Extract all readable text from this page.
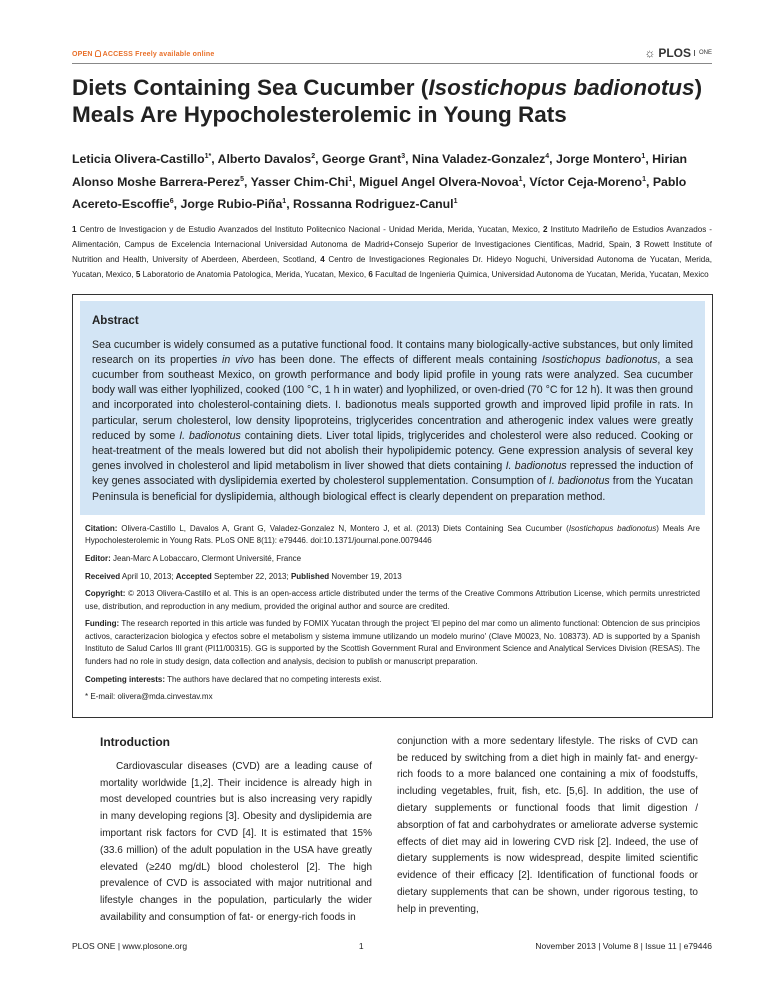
OPEN ACCESS Freely available online	☼ PLOS	ONE
Diets Containing Sea Cucumber (Isostichopus badionotus) Meals Are Hypocholesterolemic in Young Rats
Leticia Olivera-Castillo$^{1*}$, Alberto Davalos$^2$, George Grant$^3$, Nina Valadez-Gonzalez$^4$, Jorge Montero$^1$, Hirian Alonso Moshe Barrera-Perez$^5$, Yasser Chim-Chi$^1$, Miguel Angel Olvera-Novoa$^1$, Víctor Ceja-Moreno$^1$, Pablo Acereto-Escoffie$^6$, Jorge Rubio-Piña$^1$, Rossanna Rodriguez-Canul$^1$
1 Centro de Investigacion y de Estudio Avanzados del Instituto Politecnico Nacional - Unidad Merida, Merida, Yucatan, Mexico, 2 Instituto Madrileño de Estudios Avanzados - Alimentación, Campus de Excelencia Internacional Universidad Autonoma de Madrid+Consejo Superior de Investigaciones Cientificas, Madrid, Spain, 3 Rowett Institute of Nutrition and Health, University of Aberdeen, Aberdeen, Scotland, 4 Centro de Investigaciones Regionales Dr. Hideyo Noguchi, Universidad Autonoma de Yucatan, Merida, Yucatan, Mexico, 5 Laboratorio de Anatomia Patologica, Merida, Yucatan, Mexico, 6 Facultad de Ingenieria Quimica, Universidad Autonoma de Yucatan, Merida, Yucatan, Mexico
Abstract

Sea cucumber is widely consumed as a putative functional food. It contains many biologically-active substances, but only limited research on its properties in vivo has been done. The effects of different meals containing Isostichopus badionotus, a sea cucumber from southeast Mexico, on growth performance and body lipid profile in young rats were analyzed. Sea cucumber body wall was either lyophilized, cooked (100 °C, 1 h in water) and lyophilized, or oven-dried (70 °C for 12 h). It was then ground and incorporated into cholesterol-containing diets. I. badionotus meals supported growth and improved lipid profile in rats. In particular, serum cholesterol, low density lipoproteins, triglycerides concentration and atherogenic index values were greatly reduced by some I. badionotus containing diets. Liver total lipids, triglycerides and cholesterol were also reduced. Cooking or heat-treatment of the meals lowered but did not abolish their hypolipidemic potency. Gene expression analysis of several key genes involved in cholesterol and lipid metabolism in liver showed that diets containing I. badionotus repressed the induction of key genes associated with dyslipidemia exerted by cholesterol supplementation. Consumption of I. badionotus from the Yucatan Peninsula is beneficial for dyslipidemia, although biological effect is clearly dependent on preparation method.

Citation: Olivera-Castillo L, Davalos A, Grant G, Valadez-Gonzalez N, Montero J, et al. (2013) Diets Containing Sea Cucumber (Isostichopus badionotus) Meals Are Hypocholesterolemic in Young Rats. PLoS ONE 8(11): e79446. doi:10.1371/journal.pone.0079446

Editor: Jean-Marc A Lobaccaro, Clermont Université, France

Received April 10, 2013; Accepted September 22, 2013; Published November 19, 2013

Copyright: © 2013 Olivera-Castillo et al. This is an open-access article distributed under the terms of the Creative Commons Attribution License, which permits unrestricted use, distribution, and reproduction in any medium, provided the original author and source are credited.

Funding: The research reported in this article was funded by FOMIX Yucatan through the project 'El pepino del mar como un alimento functional: Obtencion de sus principios activos, caracterizacion biologica y efectos sobre el metabolism y sistema immune utilizando un modelo murino' (Clave M0023, No. 108373). AD is supported by a Spanish Instituto de Salud Carlos III grant (PI11/00315). GG is supported by the Scottish Government Rural and Environment Science and Analytical Services Division (RESAS). The funders had no role in study design, data collection and analysis, decision to publish or manuscript preparation.

Competing interests: The authors have declared that no competing interests exist.

* E-mail: olivera@mda.cinvestav.mx

Introduction

Cardiovascular diseases (CVD) are a leading cause of mortality worldwide [1,2]. Their incidence is already high in most developed countries but is also increasing very rapidly in many developing regions [3]. Obesity and dyslipidemia are important risk factors for CVD [4]. It is estimated that 15% (33.6 million) of the adult population in the USA have greatly elevated (≥240 mg/dL) blood cholesterol [2]. The high prevalence of CVD is associated with major nutritional and lifestyle changes in the population, particularly the wider availability and consumption of fat- or energy-rich foods in

conjunction with a more sedentary lifestyle. The risks of CVD can be reduced by switching from a diet high in mainly fat- and energy-rich foods to a more balanced one containing a mix of foodstuffs, including vegetables, fruit, fish, etc. [5,6]. In addition, the use of dietary supplements or functional foods that limit digestion / absorption of fat and carbohydrates or ameliorate adverse systemic effects of diet may aid in lowering CVD risk [2]. Indeed, the use of dietary supplements is now widespread, despite limited scientific evidence of their efficacy [2]. Identification of functional foods or dietary supplements that can be shown, under rigorous testing, to help in preventing,

PLOS ONE | www.plosone.org	1	November 2013 | Volume 8 | Issue 11 | e79446
